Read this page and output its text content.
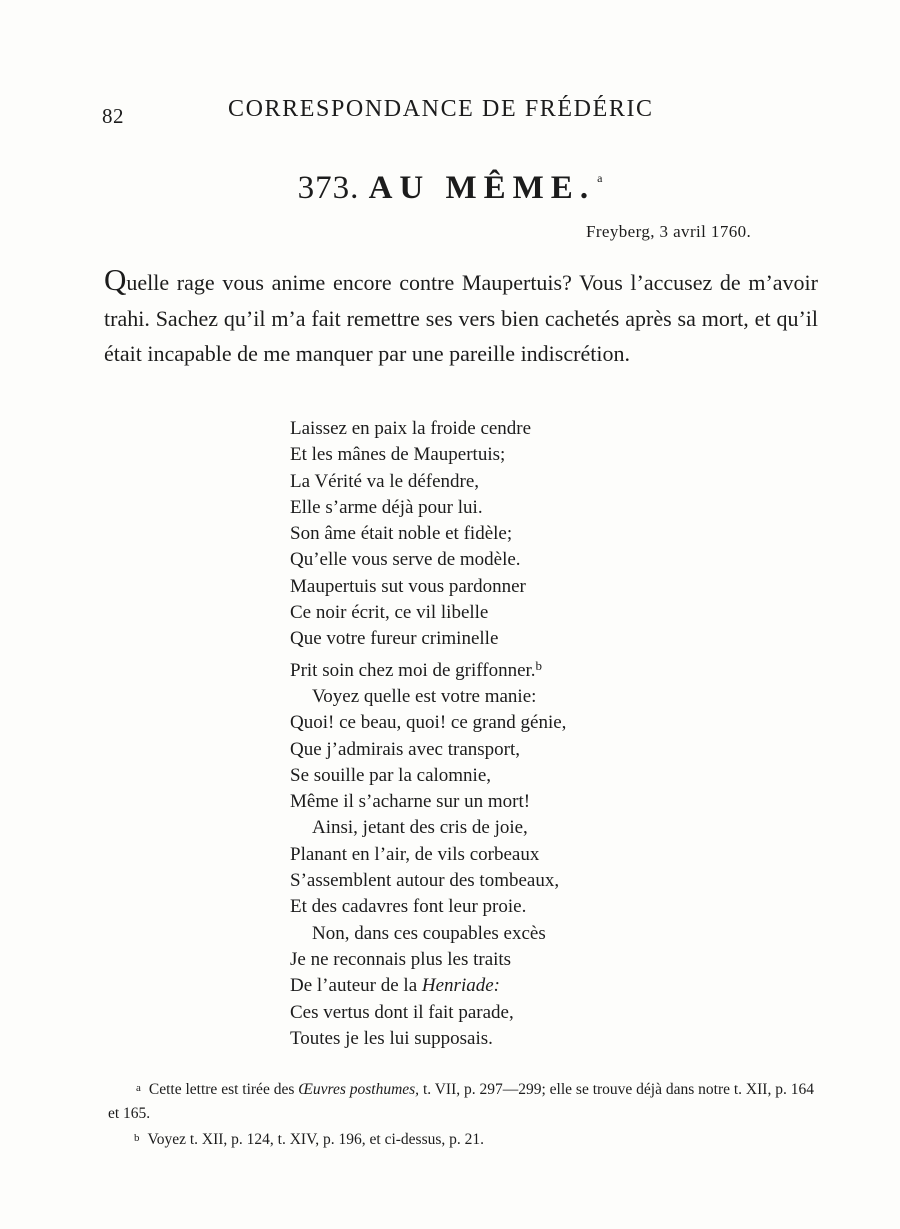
82	CORRESPONDANCE DE FRÉDÉRIC
373. AU MÊME. $^a$
Freyberg, 3 avril 1760.

Quelle rage vous anime encore contre Maupertuis? Vous l’accusez de m’avoir trahi. Sachez qu’il m’a fait remettre ses vers bien cachetés après sa mort, et qu’il était incapable de me manquer par une pareille indiscrétion.

Laissez en paix la froide cendre
Et les mânes de Maupertuis;
La Vérité va le défendre,
Elle s’arme déjà pour lui.
Son âme était noble et fidèle;
Qu’elle vous serve de modèle.
Maupertuis sut vous pardonner
Ce noir écrit, ce vil libelle
Que votre fureur criminelle
Prit soin chez moi de griffonner.$^b$
Voyez quelle est votre manie:
Quoi! ce beau, quoi! ce grand génie,
Que j’admirais avec transport,
Se souille par la calomnie,
Même il s’acharne sur un mort!
Ainsi, jetant des cris de joie,
Planant en l’air, de vils corbeaux
S’assemblent autour des tombeaux,
Et des cadavres font leur proie.
Non, dans ces coupables excès
Je ne reconnais plus les traits
De l’auteur de la Henriade:
Ces vertus dont il fait parade,
Toutes je les lui supposais.

a Cette lettre est tirée des Œuvres posthumes, t. VII, p. 297—299; elle se trouve déjà dans notre t. XII, p. 164 et 165.

b Voyez t. XII, p. 124, t. XIV, p. 196, et ci-dessus, p. 21.
